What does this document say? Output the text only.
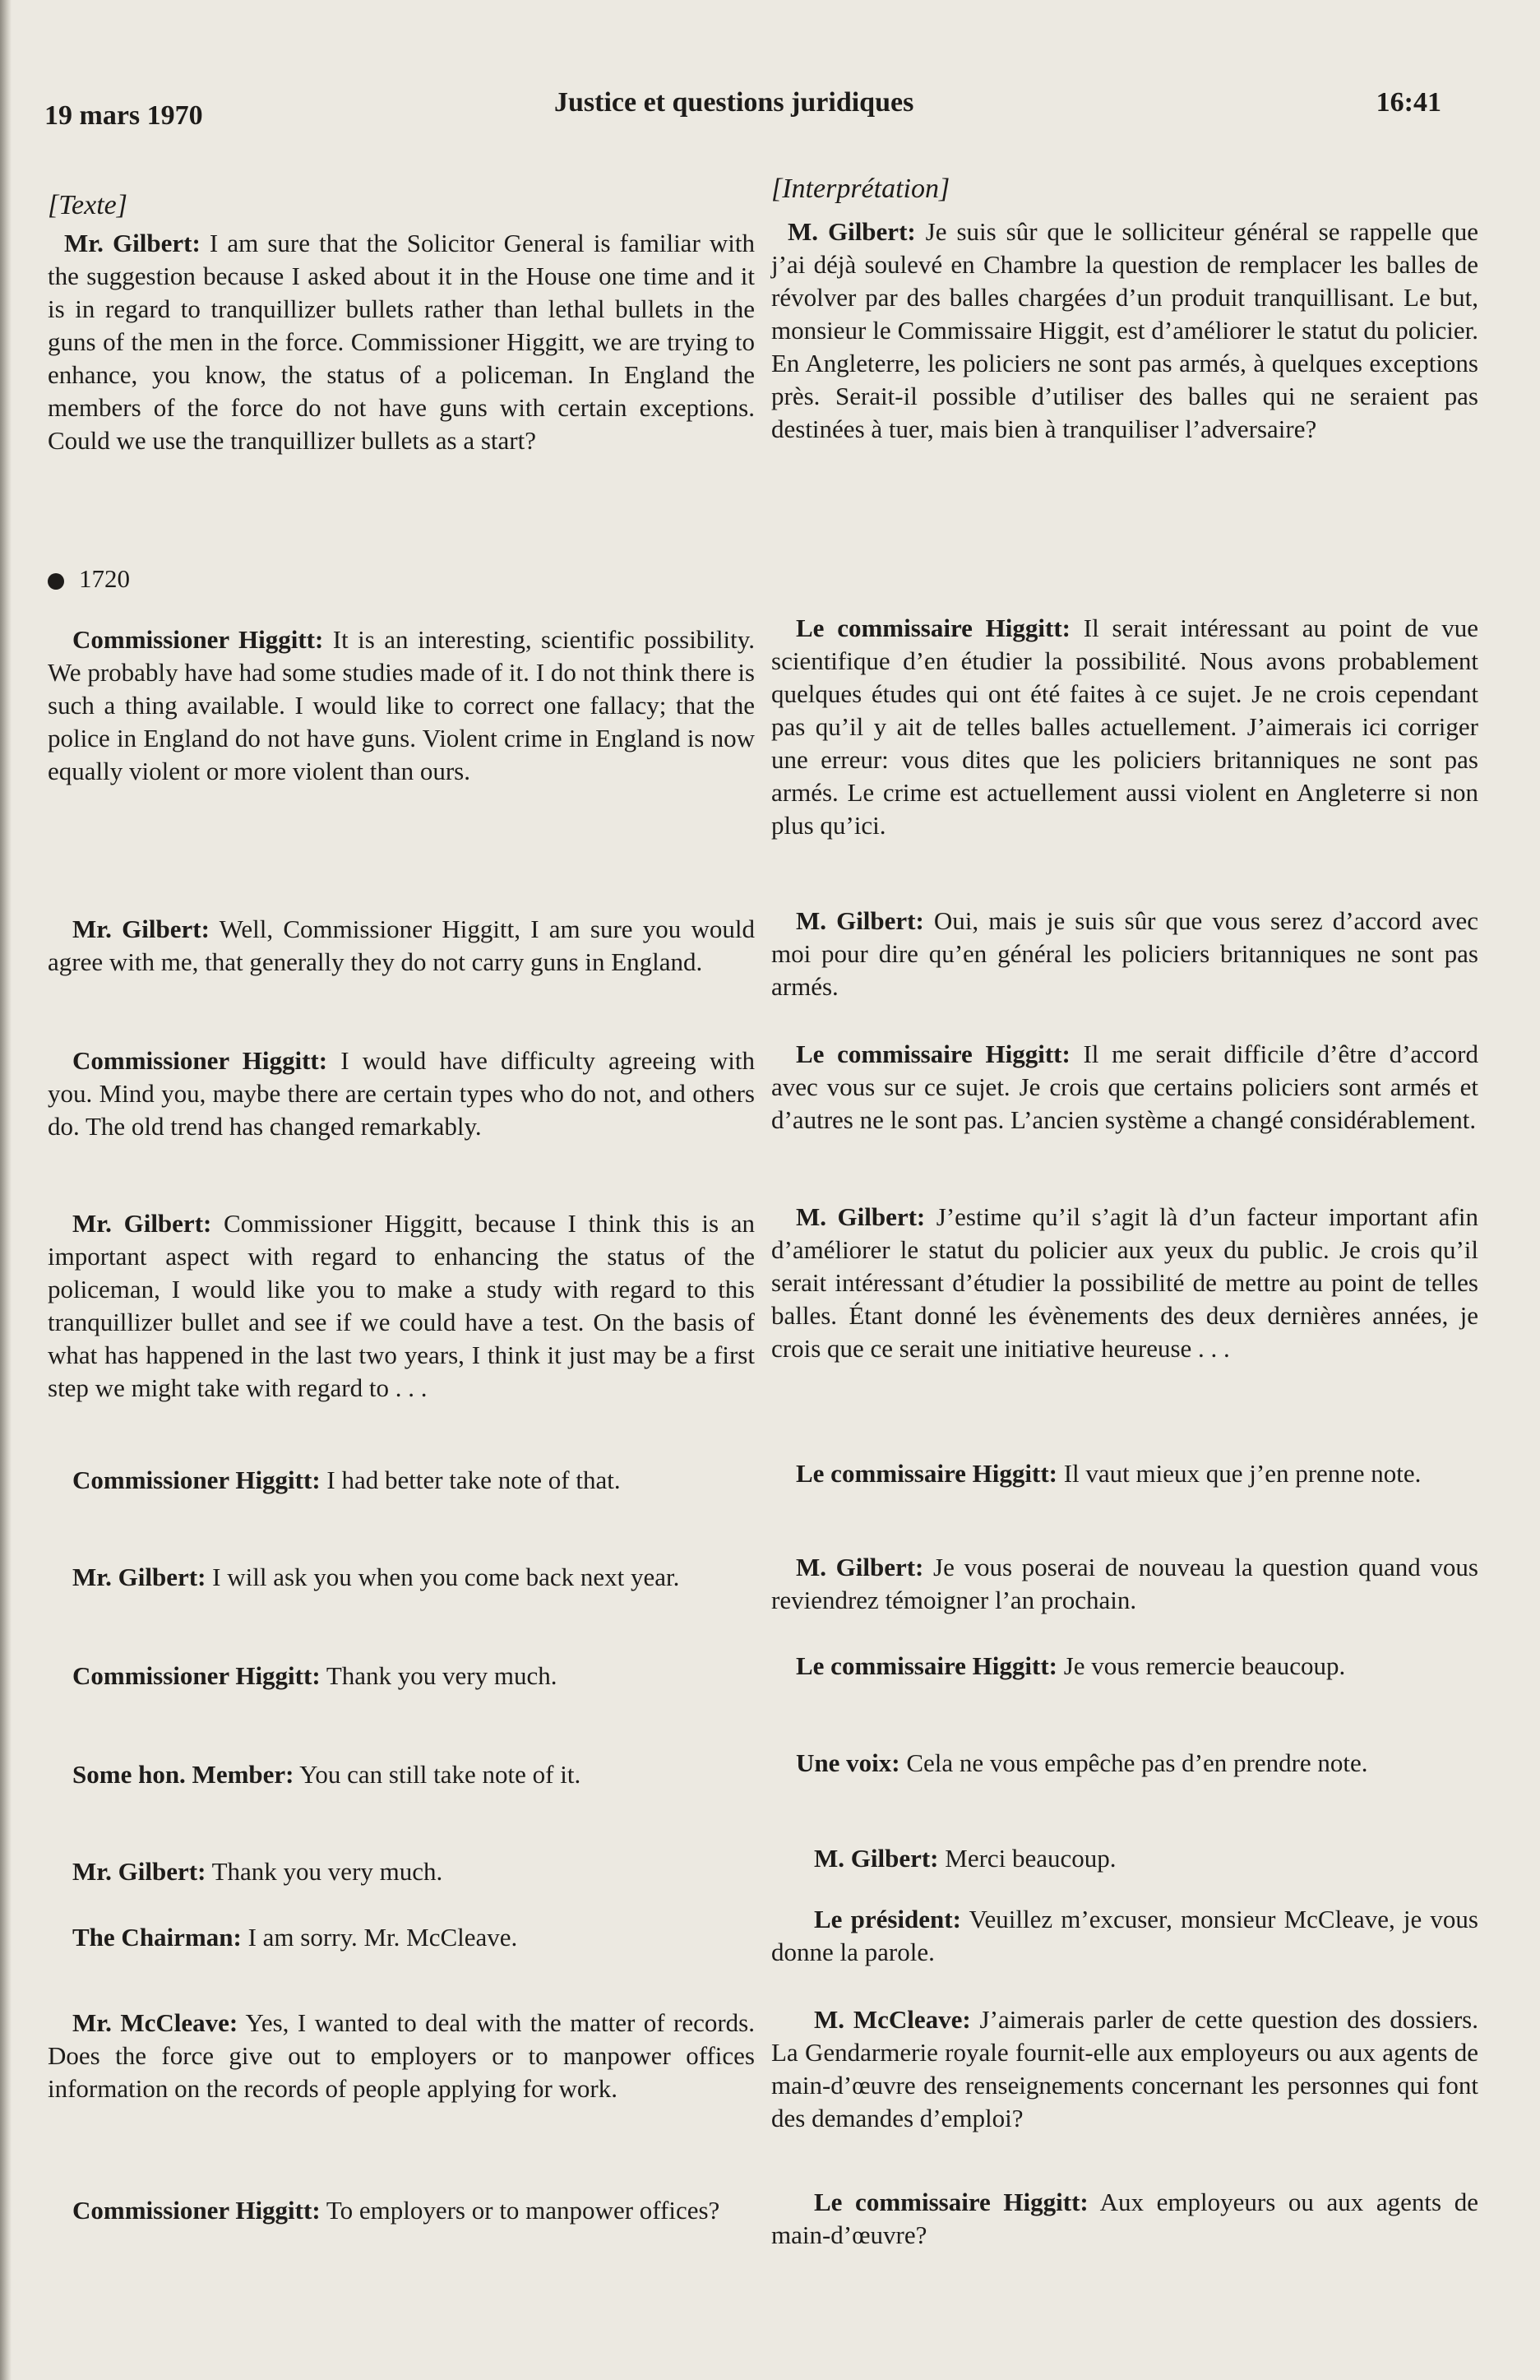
19 mars 1970	Justice et questions juridiques	16:41
[Texte]

Mr. Gilbert: I am sure that the Solicitor General is familiar with the suggestion because I asked about it in the House one time and it is in regard to tranquillizer bullets rather than lethal bullets in the guns of the men in the force. Commissioner Higgitt, we are trying to enhance, you know, the status of a policeman. In England the members of the force do not have guns with certain exceptions. Could we use the tranquillizer bullets as a start?

1720

Commissioner Higgitt: It is an interesting, scientific possibility. We probably have had some studies made of it. I do not think there is such a thing available. I would like to correct one fallacy; that the police in England do not have guns. Violent crime in England is now equally violent or more violent than ours.

Mr. Gilbert: Well, Commissioner Higgitt, I am sure you would agree with me, that generally they do not carry guns in England.

Commissioner Higgitt: I would have difficulty agreeing with you. Mind you, maybe there are certain types who do not, and others do. The old trend has changed remarkably.

Mr. Gilbert: Commissioner Higgitt, because I think this is an important aspect with regard to enhancing the status of the policeman, I would like you to make a study with regard to this tranquillizer bullet and see if we could have a test. On the basis of what has happened in the last two years, I think it just may be a first step we might take with regard to . . .

Commissioner Higgitt: I had better take note of that.

Mr. Gilbert: I will ask you when you come back next year.

Commissioner Higgitt: Thank you very much.

Some hon. Member: You can still take note of it.

Mr. Gilbert: Thank you very much.

The Chairman: I am sorry. Mr. McCleave.

Mr. McCleave: Yes, I wanted to deal with the matter of records. Does the force give out to employers or to manpower offices information on the records of people applying for work.

Commissioner Higgitt: To employers or to manpower offices?

[Interprétation]

M. Gilbert: Je suis sûr que le solliciteur général se rappelle que j’ai déjà soulevé en Chambre la question de remplacer les balles de révolver par des balles chargées d’un produit tranquillisant. Le but, monsieur le Commissaire Higgit, est d’améliorer le statut du policier. En Angleterre, les policiers ne sont pas armés, à quelques exceptions près. Serait-il possible d’utiliser des balles qui ne seraient pas destinées à tuer, mais bien à tranquiliser l’adversaire?

Le commissaire Higgitt: Il serait intéressant au point de vue scientifique d’en étudier la possibilité. Nous avons probablement quelques études qui ont été faites à ce sujet. Je ne crois cependant pas qu’il y ait de telles balles actuellement. J’aimerais ici corriger une erreur: vous dites que les policiers britanniques ne sont pas armés. Le crime est actuellement aussi violent en Angleterre si non plus qu’ici.

M. Gilbert: Oui, mais je suis sûr que vous serez d’accord avec moi pour dire qu’en général les policiers britanniques ne sont pas armés.

Le commissaire Higgitt: Il me serait difficile d’être d’accord avec vous sur ce sujet. Je crois que certains policiers sont armés et d’autres ne le sont pas. L’ancien système a changé considérablement.

M. Gilbert: J’estime qu’il s’agit là d’un facteur important afin d’améliorer le statut du policier aux yeux du public. Je crois qu’il serait intéressant d’étudier la possibilité de mettre au point de telles balles. Étant donné les évènements des deux dernières années, je crois que ce serait une initiative heureuse . . .

Le commissaire Higgitt: Il vaut mieux que j’en prenne note.

M. Gilbert: Je vous poserai de nouveau la question quand vous reviendrez témoigner l’an prochain.

Le commissaire Higgitt: Je vous remercie beaucoup.

Une voix: Cela ne vous empêche pas d’en prendre note.

M. Gilbert: Merci beaucoup.

Le président: Veuillez m’excuser, monsieur McCleave, je vous donne la parole.

M. McCleave: J’aimerais parler de cette question des dossiers. La Gendarmerie royale fournit-elle aux employeurs ou aux agents de main-d’œuvre des renseignements concernant les personnes qui font des demandes d’emploi?

Le commissaire Higgitt: Aux employeurs ou aux agents de main-d’œuvre?
